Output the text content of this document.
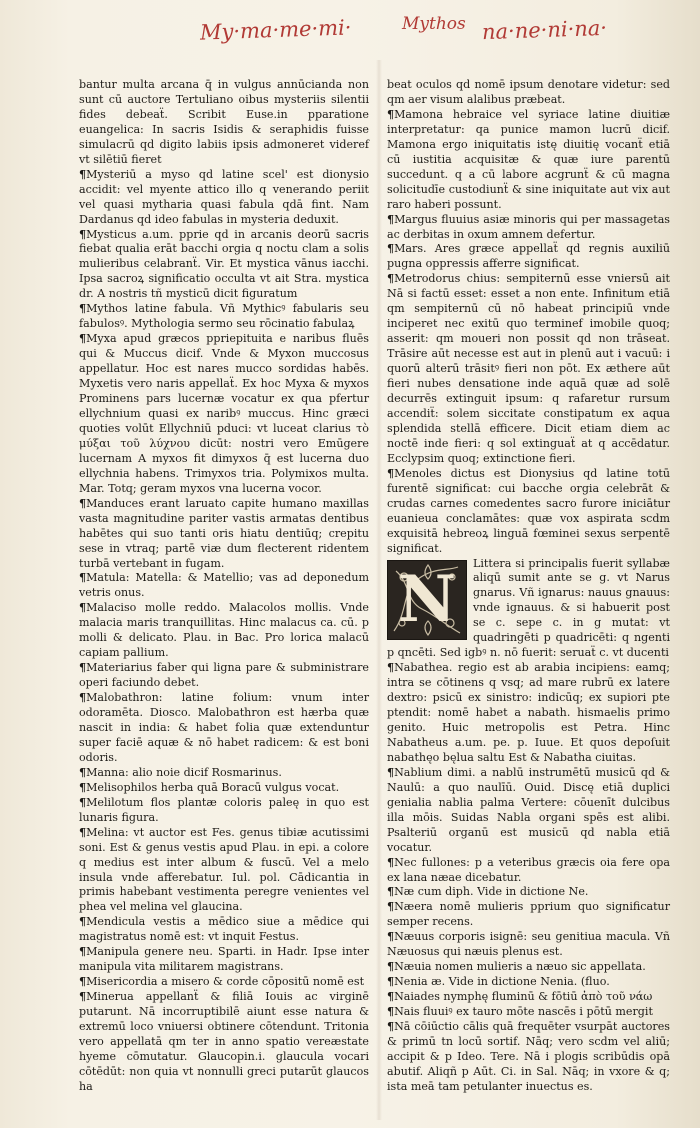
My·ma·me·mi·	Mythos na·ne·ni·na·

bantur multa arcana q̄ in vulgus annūcianda non sunt cū auctore Tertuliano oibus mysteriis silentii fides debeaẗ. Scribit Euse.in pparatione euangelica: In sacris Isidis & seraphidis fuisse simulacrū qd digito labiis ipsis admoneret videref vt silētiū fieret

¶Mysteriū a myso qd latine scel' est dionysio accidit: vel myente attico illo q venerando periit vel quasi mytharia quasi fabula qdā fint. Nam Dardanus qd ideo fabulas in mysteria deduxit.

¶Mysticus a.um. pprie qd in arcanis deorū sacris fiebat qualia erāt bacchi orgia q noctu clam a solis mulieribus celabranẗ. Vir. Et mystica vānus iacchi. Ipsa sacroꝝ significatio occulta vt ait Stra. mystica dr. A nostris tñ mysticū dicit figuratum

¶Mythos latine fabula. Vñ Mythicꝰ fabularis seu fabulosꝰ. Mythologia sermo seu rōcinatio fabulaꝝ

¶Myxa apud græcos ppriepituita e naribus fluēs qui & Muccus dicif. Vnde & Myxon muccosus appellatur. Hoc est nares mucco sordidas habēs. Myxetis vero naris appellaẗ. Ex hoc Myxa & myxos Prominens pars lucernæ vocatur ex qua pfertur ellychnium quasi ex naribꝰ muccus. Hinc græci quoties volūt Ellychniū pduci: vt luceat clarius τὸ μύξαι τοῦ λύχνου dicūt: nostri vero Emūgere lucernam A myxos fit dimyxos q̄ est lucerna duo ellychnia habens. Trimyxos tria. Polymixos multa. Mar. Totq; geram myxos vna lucerna vocor.

¶Manduces erant laruato capite humano maxillas vasta magnitudine pariter vastis armatas dentibus habētes qui suo tanti oris hiatu dentiūq; crepitu sese in vtraq; partē viæ dum flecterent ridentem turbā vertebant in fugam.

¶Matula: Matella: & Matellio; vas ad deponedum vetris onus.

¶Malaciso molle reddo. Malacolos mollis. Vnde malacia maris tranquillitas. Hinc malacus ca. cū. p molli & delicato. Plau. in Bac. Pro lorica malacū capiam pallium.

¶Materiarius faber qui ligna pare & subministrare operi faciundo debet.

¶Malobathron: latine folium: vnum inter odoramēta. Diosco. Malobathron est hærba quæ nascit in india: & habet folia quæ extenduntur super faciē aquæ & nō habet radicem: & est boni odoris.

¶Manna: alio noie dicif Rosmarinus.

¶Melisophilos herba quā Boracū vulgus vocat.

¶Melilotum flos plantæ coloris paleę in quo est lunaris figura.

¶Melina: vt auctor est Fes. genus tibiæ acutissimi soni. Est & genus vestis apud Plau. in epi. a colore q medius est inter album & fuscū. Vel a melo insula vnde afferebatur. Iul. pol. Cādicantia in primis habebant vestimenta peregre venientes vel phea vel melina vel glaucina.

¶Mendicula vestis a mēdico siue a mēdice qui magistratus nomē est: vt inquit Festus.

¶Manipula genere neu. Sparti. in Hadr. Ipse inter manipula vita militarem magistrans.

¶Misericordia a misero & corde cōpositū nomē est

¶Minerua appellanẗ & filiā Iouis ac virginē putarunt. Nā incorruptibilē aiunt esse natura & extremū loco vniuersi obtinere cōtendunt. Tritonia vero appellatā qm ter in anno spatio vereæstate hyeme cōmutatur. Glaucopin.i. glaucula vocari cōtēdūt: non quia vt nonnulli greci putarūt glaucos ha

beat oculos qd nomē ipsum denotare videtur: sed qm aer visum alalibus præbeat.

¶Mamona hebraice vel syriace latine diuitiæ interpretatur: qa punice mamon lucrū dicif. Mamona ergo iniquitatis istę diuitię vocanẗ etiā cū iustitia acquisitæ & quæ iure parentū succedunt. q a cū labore acgrunẗ & cū magna solicitudīe custodiunẗ & sine iniquitate aut vix aut raro haberi possunt.

¶Margus fluuius asiæ minoris qui per massagetas ac derbitas in oxum amnem defertur.

¶Mars. Ares græce appellaẗ qd regnis auxiliū pugna oppressis afferre significat.

¶Metrodorus chius: sempiternū esse vniersū ait Nā si factū esset: esset a non ente. Infinitum etiā qm sempiternū cū nō habeat principiū vnde inciperet nec exitū quo terminef imobile quoq; asserit: qm moueri non possit qd non trāseat. Trāsire aūt necesse est aut in plenū aut i vacuū: i quorū alterū trāsitꝰ fieri non pōt. Ex æthere aūt fieri nubes densatione inde aquā quæ ad solē decurrēs extinguit ipsum: q rafaretur rursum accendiẗ: solem siccitate constipatum ex aqua splendida stellā efficere. Dicit etiam diem ac noctē inde fieri: q sol extinguaẗ at q accēdatur. Ecclypsim quoq; extinctione fieri.

¶Menoles dictus est Dionysius qd latine totū furentē significat: cui bacche orgia celebrāt & crudas carnes comedentes sacro furore iniciātur euanieua conclamātes: quæ vox aspirata scdm exquisitā hebreoꝝ linguā fœminei sexus serpentē significat.

N	Littera si principalis fuerit syllabæ aliqū sumit ante se g. vt Narus gnarus. Vñ ignarus: nauus gnauus: vnde ignauus. & si habuerit post se c. sepe c. in g mutat: vt quadringēti p quadricēti: q ngenti p qncēti. Sed igbꝰ n. nō fuerit: seruaẗ c. vt ducenti

¶Nabathea. regio est ab arabia incipiens: eamq; intra se cōtinens q vsq; ad mare rubrū ex latere dextro: psicū ex sinistro: indicūq; ex supiori pte ptendit: nomē habet a nabath. hismaelis primo genito. Huic metropolis est Petra. Hinc Nabatheus a.um. pe. p. Iuue. Et quos depoſuit nabathęo bęlua saltu Est & Nabatha ciuitas.

¶Nablium dimi. a nablū instrumētū musicū qd & Naulū: a quo naulīū. Ouid. Discę etiā duplici genialia nablia palma Vertere: cōuenīt dulcibus illa mōis. Suidas Nabla organi spēs est alibi. Psalteriū organū est musicū qd nabla etiā vocatur.

¶Nec fullones: p a veteribus græcis oia fere opa ex lana næae dicebatur.

¶Næ cum diph. Vide in dictione Ne.

¶Næera nomē mulieris pprium quo significatur semper recens.

¶Næuus corporis isignē: seu genitiua macula. Vñ Næuosus qui næuis plenus est.

¶Næuia nomen mulieris a næuo sic appellata.

¶Nenia æ. Vide in dictione Nenia. (fluo.

¶Naiades nymphę fluminū & fōtiū ἀπὸ τοῦ νάω

¶Nais fluuiꝰ ex tauro mōte nascēs i pōtū mergit

¶Nā cōiūctio cālis quā frequēter vsurpāt auctores & primū tn locū sortif. Nāq; vero scdm vel aliū; accipit & p Ideo. Tere. Nā i plogis scribūdis opā abutif. Aliqñ p Aūt. Ci. in Sal. Nāq; in vxore & q; ista meā tam petulanter inuectus es.
